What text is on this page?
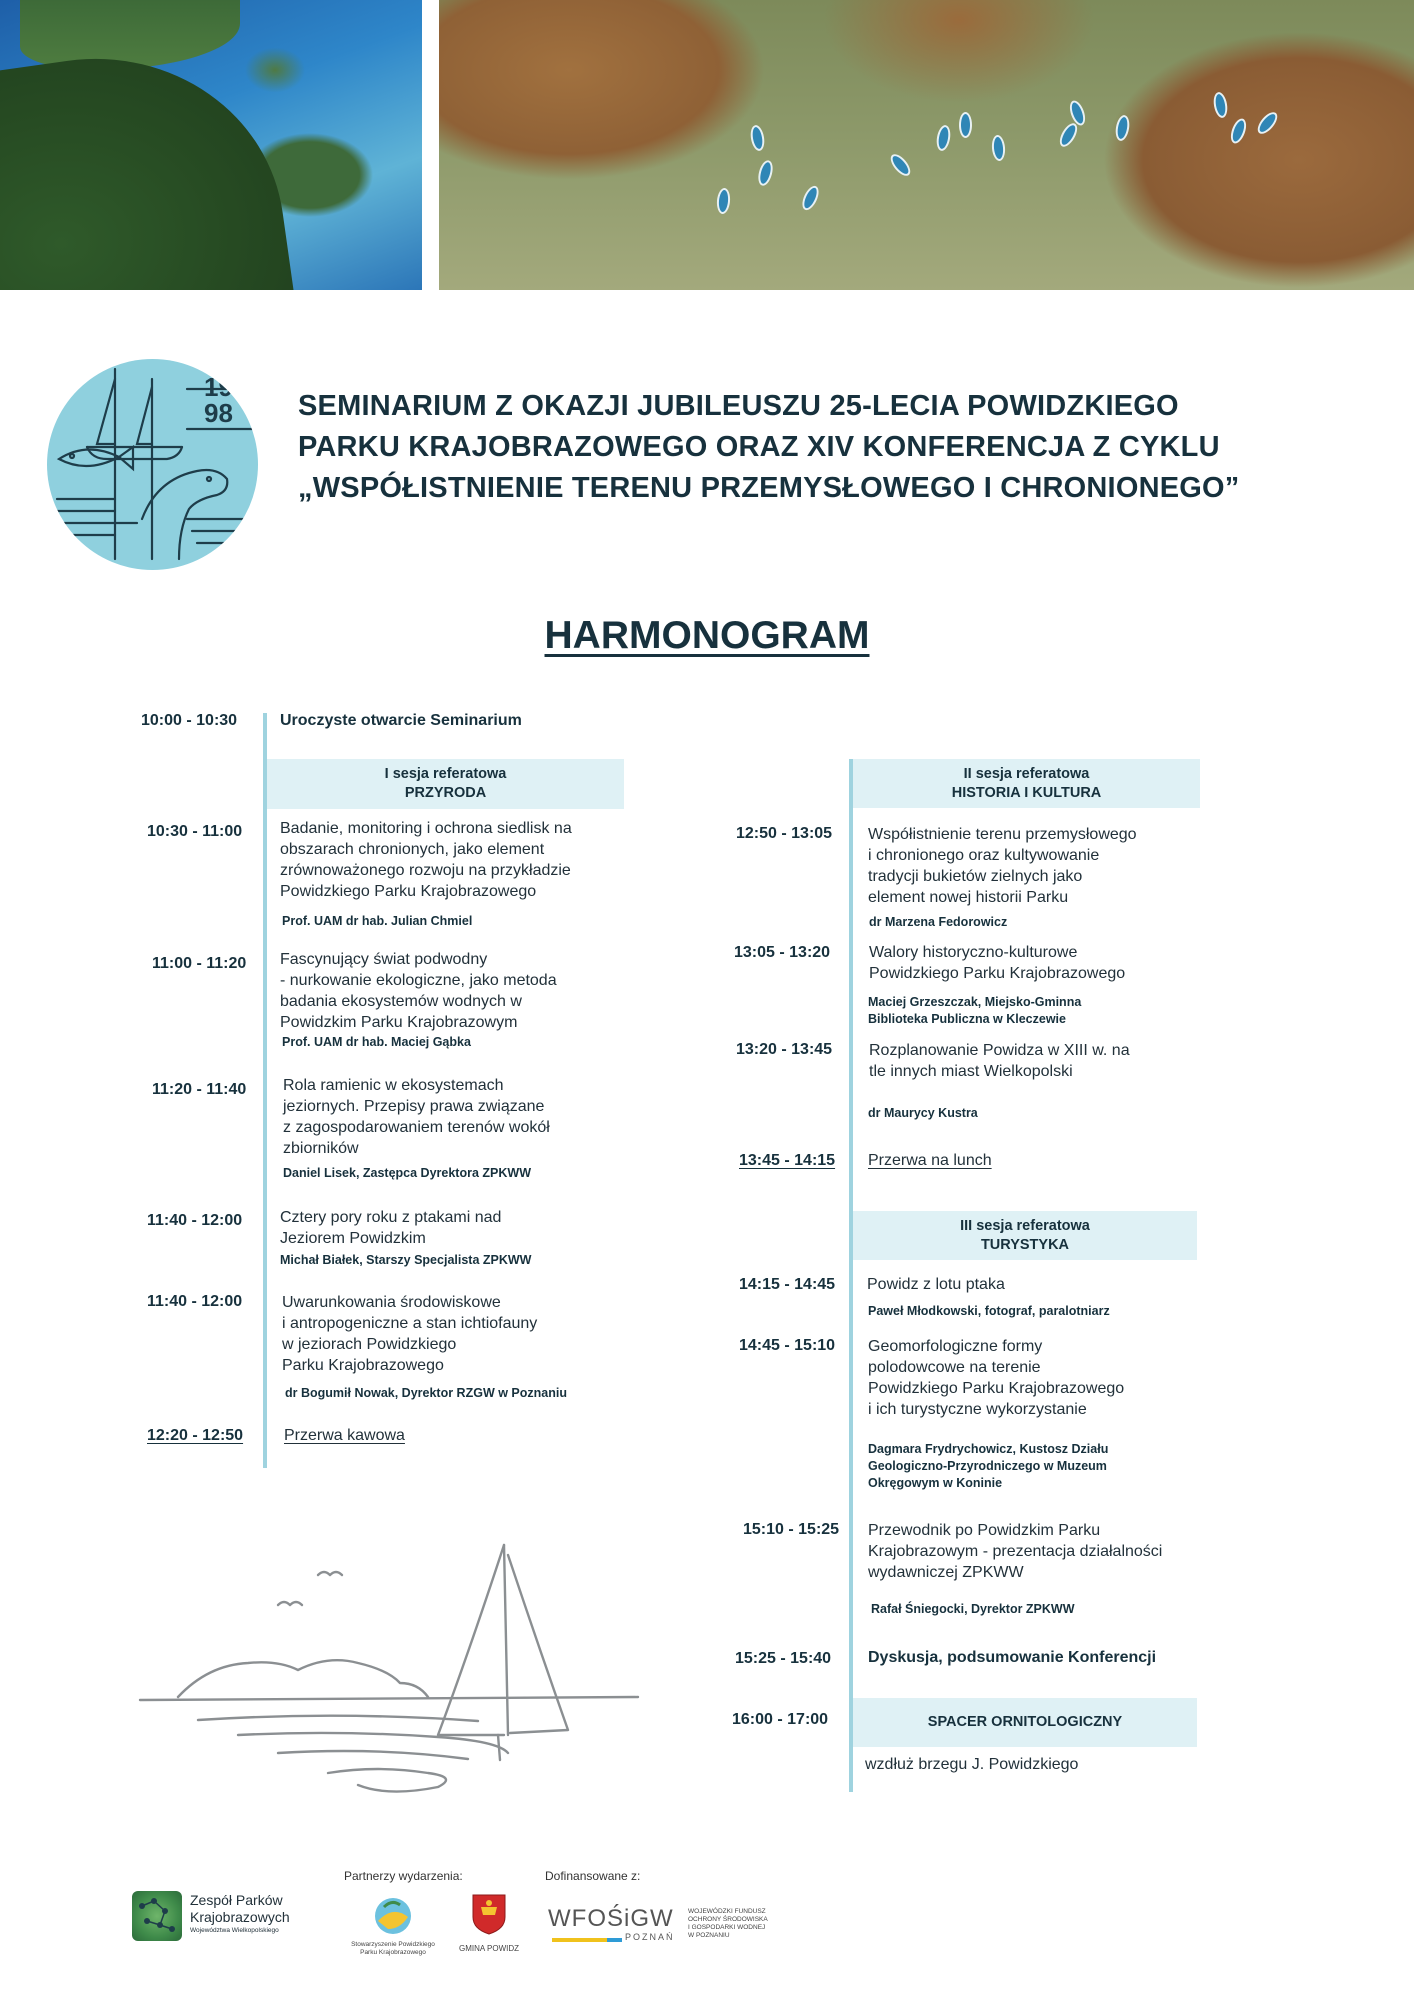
19
98 SEMINARIUM Z OKAZJI JUBILEUSZU 25-LECIA POWIDZKIEGO
PARKU KRAJOBRAZOWEGO ORAZ XIV KONFERENCJA Z CYKLU
„WSPÓŁISTNIENIE TERENU PRZEMYSŁOWEGO I CHRONIONEGO”
HARMONOGRAM
10:00 - 10:30	Uroczyste otwarcie Seminarium
I sesja referatowa
PRZYRODA
10:30 - 11:00 Badanie, monitoring i ochrona siedlisk na
obszarach chronionych, jako element
zrównoważonego rozwoju na przykładzie
Powidzkiego Parku Krajobrazowego
Prof. UAM dr hab. Julian Chmiel
11:00 - 11:20 Fascynujący świat podwodny
- nurkowanie ekologiczne, jako metoda
badania ekosystemów wodnych w
Powidzkim Parku Krajobrazowym
Prof. UAM dr hab. Maciej Gąbka
11:20 - 11:40 Rola ramienic w ekosystemach
jeziornych. Przepisy prawa związane
z zagospodarowaniem terenów wokół
zbiorników
Daniel Lisek, Zastępca Dyrektora ZPKWW
11:40 - 12:00 Cztery pory roku z ptakami nad
Jeziorem Powidzkim
Michał Białek, Starszy Specjalista ZPKWW
11:40 - 12:00 Uwarunkowania środowiskowe
i antropogeniczne a stan ichtiofauny
w jeziorach Powidzkiego
Parku Krajobrazowego
dr Bogumił Nowak, Dyrektor RZGW w Poznaniu
12:20 - 12:50	Przerwa kawowa
II sesja referatowa
HISTORIA I KULTURA
12:50 - 13:05 Współistnienie terenu przemysłowego
i chronionego oraz kultywowanie
tradycji bukietów zielnych jako
element nowej historii Parku
dr Marzena Fedorowicz
13:05 - 13:20 Walory historyczno-kulturowe
Powidzkiego Parku Krajobrazowego
Maciej Grzeszczak, Miejsko-Gminna
Biblioteka Publiczna w Kleczewie
13:20 - 13:45 Rozplanowanie Powidza w XIII w. na
tle innych miast Wielkopolski
dr Maurycy Kustra
13:45 - 14:15 Przerwa na lunch
III sesja referatowa
TURYSTYKA
14:15 - 14:45 Powidz z lotu ptaka
Paweł Młodkowski, fotograf, paralotniarz
14:45 - 15:10 Geomorfologiczne formy
polodowcowe na terenie
Powidzkiego Parku Krajobrazowego
i ich turystyczne wykorzystanie
Dagmara Frydrychowicz, Kustosz Działu
Geologiczno-Przyrodniczego w Muzeum
Okręgowym w Koninie
15:10 - 15:25 Przewodnik po Powidzkim Parku
Krajobrazowym - prezentacja działalności
wydawniczej ZPKWW
Rafał Śniegocki, Dyrektor ZPKWW
15:25 - 15:40 Dyskusja, podsumowanie Konferencji
16:00 - 17:00	SPACER ORNITOLOGICZNY
wzdłuż brzegu J. Powidzkiego
Zespół Parków
Krajobrazowych
Województwa Wielkopolskiego
Partnerzy wydarzenia:
Stowarzyszenie Powidzkiego
Parku Krajobrazowego	GMINA POWIDZ
Dofinansowane z:
WFOŚiGW
POZNAŃ
WOJEWÓDZKI FUNDUSZ
OCHRONY ŚRODOWISKA
I GOSPODARKI WODNEJ
W POZNANIU
